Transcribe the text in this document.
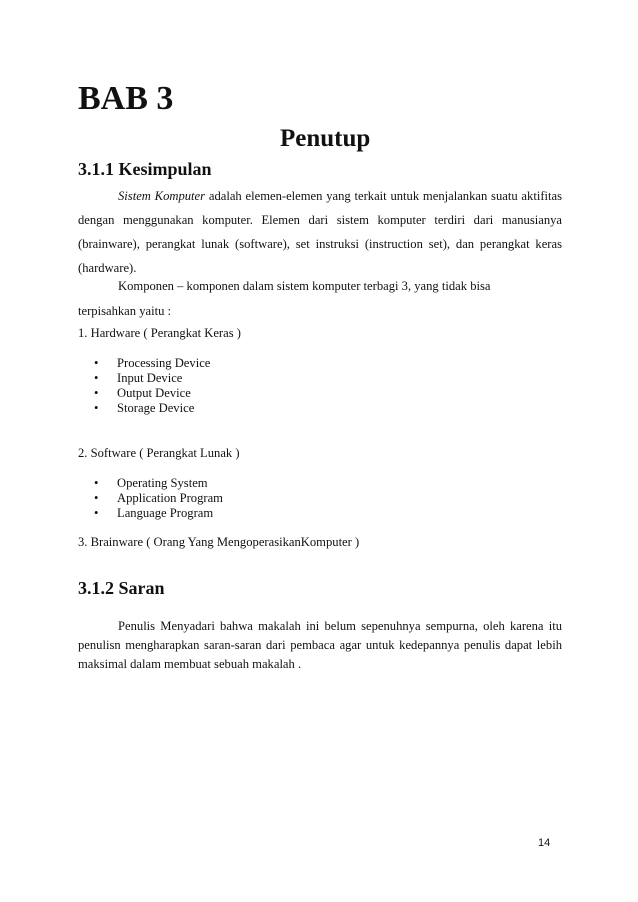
BAB 3
Penutup
3.1.1 Kesimpulan

Sistem Komputer adalah elemen-elemen yang terkait untuk menjalankan suatu aktifitas dengan menggunakan komputer. Elemen dari sistem komputer terdiri dari manusianya (brainware), perangkat lunak (software), set instruksi (instruction set), dan perangkat keras (hardware).

Komponen – komponen dalam sistem komputer terbagi 3, yang tidak bisa
terpisahkan yaitu :
1. Hardware ( Perangkat Keras )
• Processing Device
• Input Device
• Output Device
• Storage Device
2. Software ( Perangkat Lunak )
• Operating System
• Application Program
• Language Program
3. Brainware ( Orang Yang MengoperasikanKomputer )
3.1.2 Saran

Penulis Menyadari bahwa makalah ini belum sepenuhnya sempurna, oleh karena itu penulisn mengharapkan saran-saran dari pembaca agar untuk kedepannya penulis dapat lebih maksimal dalam membuat sebuah makalah .

14
